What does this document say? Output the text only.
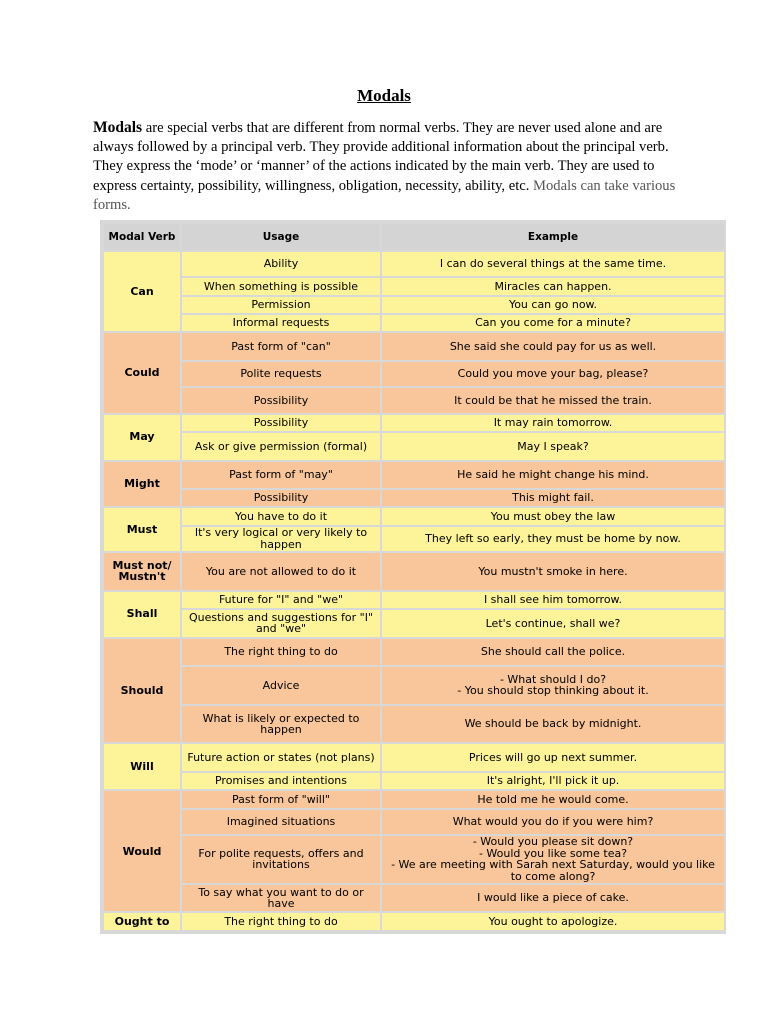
Modals
Modals are special verbs that are different from normal verbs. They are never used alone and are always followed by a principal verb. They provide additional information about the principal verb. They express the ‘mode’ or ‘manner’ of the actions indicated by the main verb. They are used to express certainty, possibility, willingness, obligation, necessity, ability, etc. Modals can take various forms.
Modal Verb	Usage	Example
Can	Ability	I can do several things at the same time.
	When something is possible	Miracles can happen.
	Permission	You can go now.
	Informal requests	Can you come for a minute?
Could	Past form of "can"	She said she could pay for us as well.
	Polite requests	Could you move your bag, please?
	Possibility	It could be that he missed the train.
May	Possibility	It may rain tomorrow.
	Ask or give permission (formal)	May I speak?
Might	Past form of "may"	He said he might change his mind.
	Possibility	This might fail.
Must	You have to do it	You must obey the law
	It's very logical or very likely to happen	They left so early, they must be home by now.
Must not/ Mustn't	You are not allowed to do it	You mustn't smoke in here.
Shall	Future for "I" and "we"	I shall see him tomorrow.
	Questions and suggestions for "I" and "we"	Let's continue, shall we?
Should	The right thing to do	She should call the police.
	Advice	- What should I do?
- You should stop thinking about it.
	What is likely or expected to happen	We should be back by midnight.
Will	Future action or states (not plans)	Prices will go up next summer.
	Promises and intentions	It's alright, I'll pick it up.
Would	Past form of "will"	He told me he would come.
	Imagined situations	What would you do if you were him?
	For polite requests, offers and invitations	- Would you please sit down?
- Would you like some tea?
- We are meeting with Sarah next Saturday, would you like to come along?
	To say what you want to do or have	I would like a piece of cake.
Ought to	The right thing to do	You ought to apologize.
